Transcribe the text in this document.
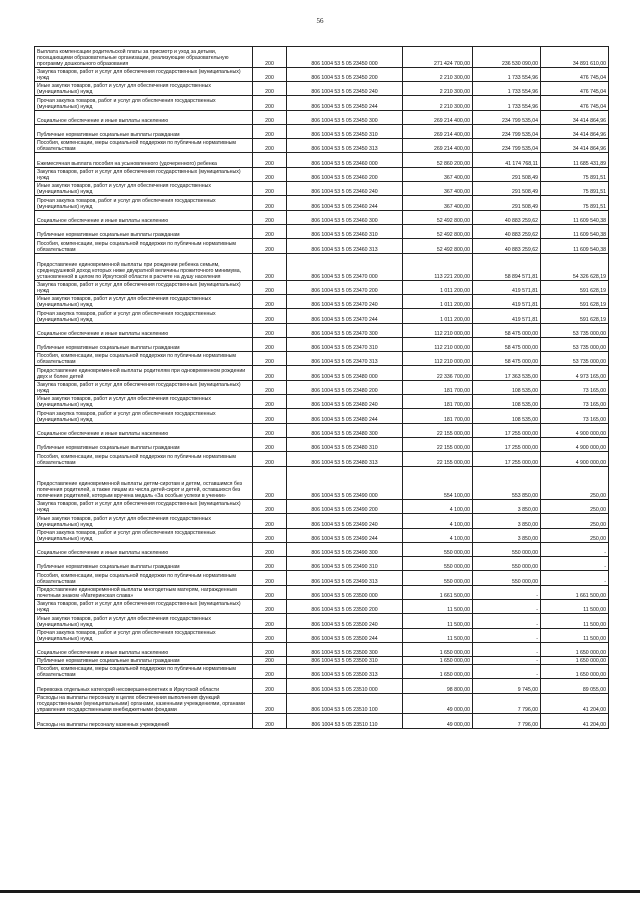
56
Выплата компенсации родительской платы за присмотр и уход за детьми, посещающими образовательные организации, реализующие образовательную программу дошкольного образования	200	806 1004 53 5 05 23450 000	271 424 700,00	236 530 090,00	34 891 610,00
Закупка товаров, работ и услуг для обеспечения государственных (муниципальных) нужд	200	806 1004 53 5 05 23450 200	2 210 300,00	1 733 554,96	476 745,04
Иные закупки товаров, работ и услуг для обеспечения государственных (муниципальных) нужд	200	806 1004 53 5 05 23450 240	2 210 300,00	1 733 554,96	476 745,04
Прочая закупка товаров, работ и услуг для обеспечения государственных (муниципальных) нужд	200	806 1004 53 5 05 23450 244	2 210 300,00	1 733 554,96	476 745,04
Социальное обеспечение и иные выплаты населению	200	806 1004 53 5 05 23450 300	269 214 400,00	234 799 535,04	34 414 864,96
Публичные нормативные социальные выплаты гражданам	200	806 1004 53 5 05 23450 310	269 214 400,00	234 799 535,04	34 414 864,96
Пособия, компенсации, меры социальной поддержки по публичным нормативным обязательствам	200	806 1004 53 5 05 23450 313	269 214 400,00	234 799 535,04	34 414 864,96
Ежемесячная выплата пособия на усыновленного (удочеренного) ребенка	200	806 1004 53 5 05 23460 000	52 860 200,00	41 174 768,11	11 685 431,89
Закупка товаров, работ и услуг для обеспечения государственных (муниципальных) нужд	200	806 1004 53 5 05 23460 200	367 400,00	291 508,49	75 891,51
Иные закупки товаров, работ и услуг для обеспечения государственных (муниципальных) нужд	200	806 1004 53 5 05 23460 240	367 400,00	291 508,49	75 891,51
Прочая закупка товаров, работ и услуг для обеспечения государственных (муниципальных) нужд	200	806 1004 53 5 05 23460 244	367 400,00	291 508,49	75 891,51
Социальное обеспечение и иные выплаты населению	200	806 1004 53 5 05 23460 300	52 492 800,00	40 883 259,62	11 609 540,38
Публичные нормативные социальные выплаты гражданам	200	806 1004 53 5 05 23460 310	52 492 800,00	40 883 259,62	11 609 540,38
Пособия, компенсации, меры социальной поддержки по публичным нормативным обязательствам	200	806 1004 53 5 05 23460 313	52 492 800,00	40 883 259,62	11 609 540,38
Предоставление единовременной выплаты при рождении ребенка семьям, среднедушевой доход которых ниже двукратной величины прожиточного минимума, установленной в целом по Иркутской области в расчете на душу населения	200	806 1004 53 5 05 23470 000	113 221 200,00	58 894 571,81	54 326 628,19
Закупка товаров, работ и услуг для обеспечения государственных (муниципальных) нужд	200	806 1004 53 5 05 23470 200	1 011 200,00	419 571,81	591 628,19
Иные закупки товаров, работ и услуг для обеспечения государственных (муниципальных) нужд	200	806 1004 53 5 05 23470 240	1 011 200,00	419 571,81	591 628,19
Прочая закупка товаров, работ и услуг для обеспечения государственных (муниципальных) нужд	200	806 1004 53 5 05 23470 244	1 011 200,00	419 571,81	591 628,19
Социальное обеспечение и иные выплаты населению	200	806 1004 53 5 05 23470 300	112 210 000,00	58 475 000,00	53 735 000,00
Публичные нормативные социальные выплаты гражданам	200	806 1004 53 5 05 23470 310	112 210 000,00	58 475 000,00	53 735 000,00
Пособия, компенсации, меры социальной поддержки по публичным нормативным обязательствам	200	806 1004 53 5 05 23470 313	112 210 000,00	58 475 000,00	53 735 000,00
Предоставление единовременной выплаты родителям при одновременном рождении двух и более детей	200	806 1004 53 5 05 23480 000	22 336 700,00	17 363 535,00	4 973 165,00
Закупка товаров, работ и услуг для обеспечения государственных (муниципальных) нужд	200	806 1004 53 5 05 23480 200	181 700,00	108 535,00	73 165,00
Иные закупки товаров, работ и услуг для обеспечения государственных (муниципальных) нужд	200	806 1004 53 5 05 23480 240	181 700,00	108 535,00	73 165,00
Прочая закупка товаров, работ и услуг для обеспечения государственных (муниципальных) нужд	200	806 1004 53 5 05 23480 244	181 700,00	108 535,00	73 165,00
Социальное обеспечение и иные выплаты населению	200	806 1004 53 5 05 23480 300	22 155 000,00	17 255 000,00	4 900 000,00
Публичные нормативные социальные выплаты гражданам	200	806 1004 53 5 05 23480 310	22 155 000,00	17 255 000,00	4 900 000,00
Пособия, компенсации, меры социальной поддержки по публичным нормативным обязательствам	200	806 1004 53 5 05 23480 313	22 155 000,00	17 255 000,00	4 900 000,00
Предоставление единовременной выплаты детям-сиротам и детям, оставшимся без попечения родителей, а также лицам из числа детей-сирот и детей, оставшихся без попечения родителей, которым вручена медаль «За особые успехи в учении»	200	806 1004 53 5 05 23490 000	554 100,00	553 850,00	250,00
Закупка товаров, работ и услуг для обеспечения государственных (муниципальных) нужд	200	806 1004 53 5 05 23490 200	4 100,00	3 850,00	250,00
Иные закупки товаров, работ и услуг для обеспечения государственных (муниципальных) нужд	200	806 1004 53 5 05 23490 240	4 100,00	3 850,00	250,00
Прочая закупка товаров, работ и услуг для обеспечения государственных (муниципальных) нужд	200	806 1004 53 5 05 23490 244	4 100,00	3 850,00	250,00
Социальное обеспечение и иные выплаты населению	200	806 1004 53 5 05 23490 300	550 000,00	550 000,00	-
Публичные нормативные социальные выплаты гражданам	200	806 1004 53 5 05 23490 310	550 000,00	550 000,00	-
Пособия, компенсации, меры социальной поддержки по публичным нормативным обязательствам	200	806 1004 53 5 05 23490 313	550 000,00	550 000,00	-
Предоставление единовременной выплаты многодетным матерям, награжденным почетным знаком «Материнская слава»	200	806 1004 53 5 05 23500 000	1 661 500,00	-	1 661 500,00
Закупка товаров, работ и услуг для обеспечения государственных (муниципальных) нужд	200	806 1004 53 5 05 23500 200	11 500,00	-	11 500,00
Иные закупки товаров, работ и услуг для обеспечения государственных (муниципальных) нужд	200	806 1004 53 5 05 23500 240	11 500,00	-	11 500,00
Прочая закупка товаров, работ и услуг для обеспечения государственных (муниципальных) нужд	200	806 1004 53 5 05 23500 244	11 500,00	-	11 500,00
Социальное обеспечение и иные выплаты населению	200	806 1004 53 5 05 23500 300	1 650 000,00	-	1 650 000,00
Публичные нормативные социальные выплаты гражданам	200	806 1004 53 5 05 23500 310	1 650 000,00	-	1 650 000,00
Пособия, компенсации, меры социальной поддержки по публичным нормативным обязательствам	200	806 1004 53 5 05 23500 313	1 650 000,00	-	1 650 000,00
Перевозка отдельных категорий несовершеннолетних в Иркутской области	200	806 1004 53 5 05 23510 000	98 800,00	9 745,00	89 055,00
Расходы на выплаты персоналу в целях обеспечения выполнения функций государственными (муниципальными) органами, казенными учреждениями, органами управления государственными внебюджетными фондами	200	806 1004 53 5 05 23510 100	49 000,00	7 796,00	41 204,00
Расходы на выплаты персоналу казенных учреждений	200	806 1004 53 5 05 23510 110	49 000,00	7 796,00	41 204,00
